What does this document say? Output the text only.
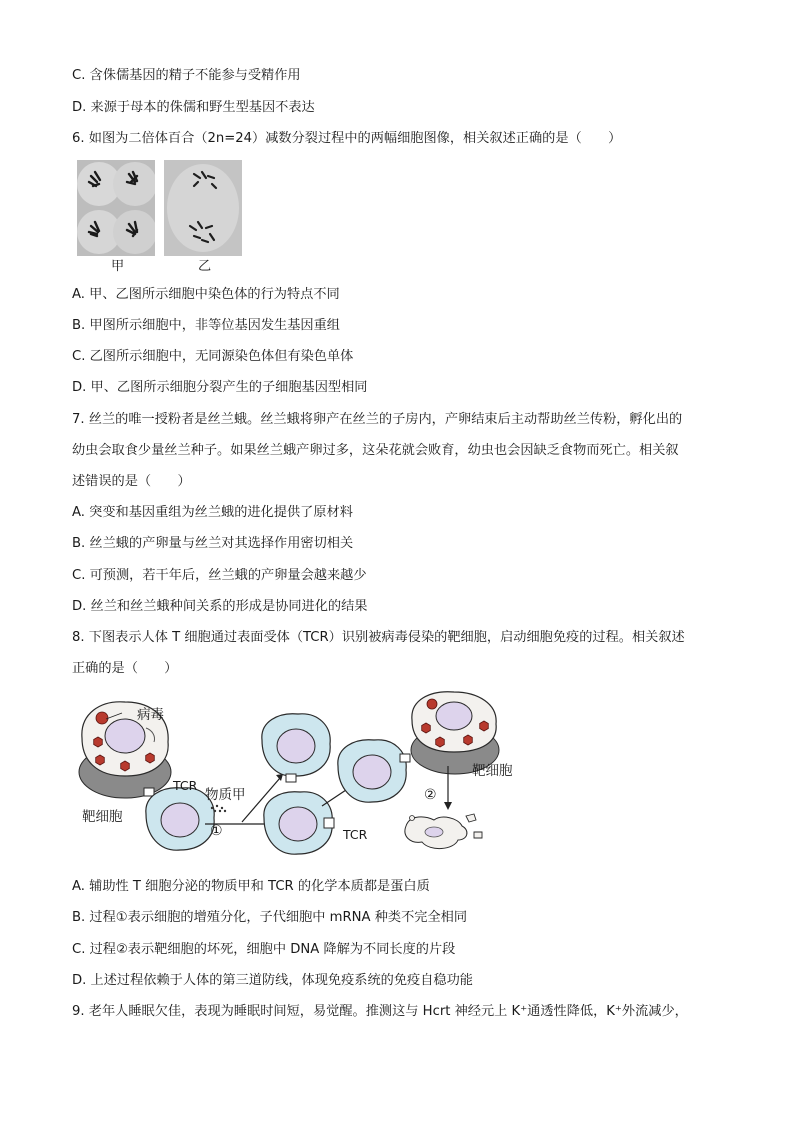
C. 含侏儒基因的精子不能参与受精作用
D. 来源于母本的侏儒和野生型基因不表达
6. 如图为二倍体百合（2n=24）减数分裂过程中的两幅细胞图像，相关叙述正确的是（　　）
甲	乙
A. 甲、乙图所示细胞中染色体的行为特点不同
B. 甲图所示细胞中，非等位基因发生基因重组
C. 乙图所示细胞中，无同源染色体但有染色单体
D. 甲、乙图所示细胞分裂产生的子细胞基因型相同
7. 丝兰的唯一授粉者是丝兰蛾。丝兰蛾将卵产在丝兰的子房内，产卵结束后主动帮助丝兰传粉，孵化出的
幼虫会取食少量丝兰种子。如果丝兰蛾产卵过多，这朵花就会败育，幼虫也会因缺乏食物而死亡。相关叙
述错误的是（　　）
A. 突变和基因重组为丝兰蛾的进化提供了原材料
B. 丝兰蛾的产卵量与丝兰对其选择作用密切相关
C. 可预测，若干年后，丝兰蛾的产卵量会越来越少
D. 丝兰和丝兰蛾种间关系的形成是协同进化的结果
8. 下图表示人体 T 细胞通过表面受体（TCR）识别被病毒侵染的靶细胞，启动细胞免疫的过程。相关叙述
正确的是（　　）
病毒
TCR
物质甲
靶细胞
①	TCR
靶细胞
②
A. 辅助性 T 细胞分泌的物质甲和 TCR 的化学本质都是蛋白质
B. 过程①表示细胞的增殖分化，子代细胞中 mRNA 种类不完全相同
C. 过程②表示靶细胞的坏死，细胞中 DNA 降解为不同长度的片段
D. 上述过程依赖于人体的第三道防线，体现免疫系统的免疫自稳功能
9. 老年人睡眠欠佳，表现为睡眠时间短，易觉醒。推测这与 Hcrt 神经元上 K⁺通透性降低，K⁺外流减少，
